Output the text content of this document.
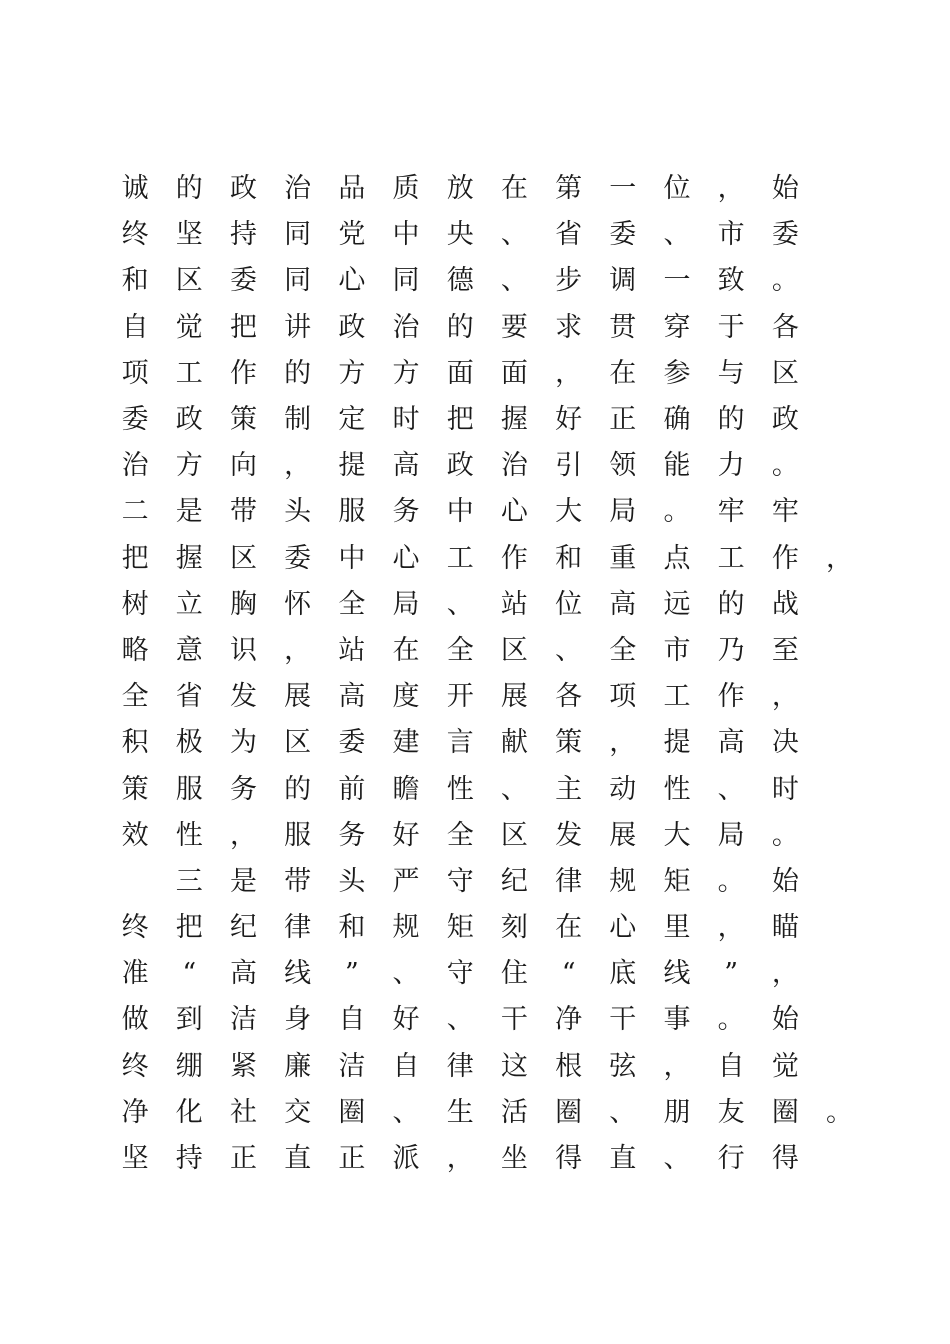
诚	的	政	治	品	质	放	在	第	一	位	，	始
终	坚	持	同	党	中	央	、	省	委	、	市	委
和	区	委	同	心	同	德	、	步	调	一	致	。
自	觉	把	讲	政	治	的	要	求	贯	穿	于	各
项	工	作	的	方	方	面	面	，	在	参	与	区
委	政	策	制	定	时	把	握	好	正	确	的	政
治	方	向	，	提	高	政	治	引	领	能	力	。
二	是	带	头	服	务	中	心	大	局	。	牢	牢
把	握	区	委	中	心	工	作	和	重	点	工	作	，
树	立	胸	怀	全	局	、	站	位	高	远	的	战
略	意	识	，	站	在	全	区	、	全	市	乃	至
全	省	发	展	高	度	开	展	各	项	工	作	，
积	极	为	区	委	建	言	献	策	，	提	高	决
策	服	务	的	前	瞻	性	、	主	动	性	、	时
效	性	，	服	务	好	全	区	发	展	大	局	。

三	是	带	头	严	守	纪	律	规	矩	。	始
终	把	纪	律	和	规	矩	刻	在	心	里	，	瞄
准	“	高	线	”	、	守	住	“	底	线	”	，
做	到	洁	身	自	好	、	干	净	干	事	。	始
终	绷	紧	廉	洁	自	律	这	根	弦	，	自	觉
净	化	社	交	圈	、	生	活	圈	、	朋	友	圈	。
坚	持	正	直	正	派	，	坐	得	直	、	行	得
